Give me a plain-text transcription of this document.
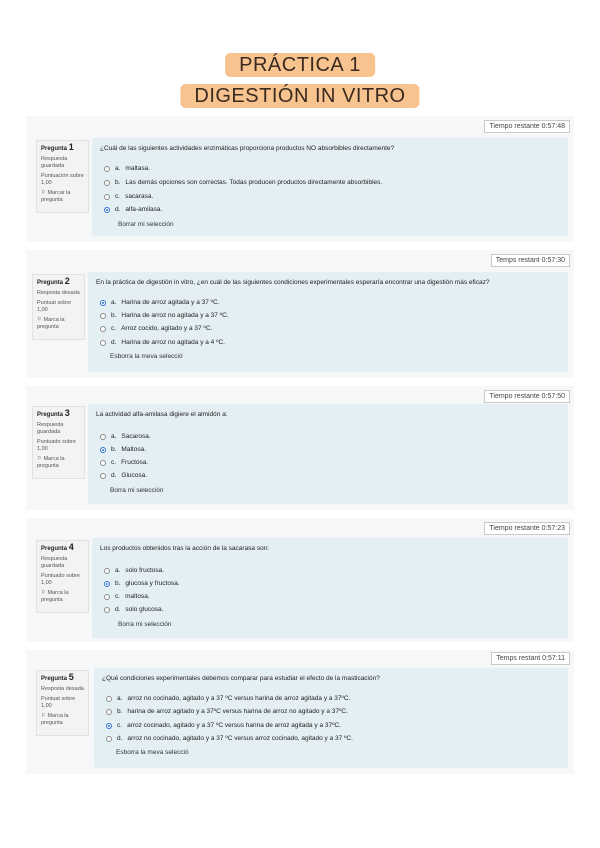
PRÁCTICA 1
DIGESTIÓN IN VITRO
Tiempo restante 0:57:48
Pregunta 1
Respuesta guardada
Puntuación sobre 1,00
⚐ Marcar la pregunta
¿Cuál de las siguientes actividades enzimáticas proporciona productos NO absorbibles directamente?
a. maltasa.
b. Las demás opciones son correctas. Todas producen productos directamente absorbibles.
c. sacarasa.
d. alfa-amilasa.
Borrar mi selección
Temps restant 0:57:30
Pregunta 2
Resposta desada
Puntuat sobre 1,00
⚐ Marca la pregunta
En la práctica de digestión in vitro, ¿en cuál de las siguientes condiciones experimentales esperaría encontrar una digestión más eficaz?
a. Harina de arroz agitada y a 37 ºC.
b. Harina de arroz no agitada y a 37 ºC.
c. Arroz cocido, agitado y a 37 ºC.
d. Harina de arroz no agitada y a 4 ºC.
Esborra la meva selecció
Tiempo restante 0:57:50
Pregunta 3
Respuesta guardada
Puntuado sobre 1,00
⚐ Marca la pregunta
La actividad alfa-amilasa digiere el almidón a:
a. Sacarosa.
b. Maltosa.
c. Fructosa.
d. Glucosa.
Borra mi selección
Tiempo restante 0:57:23
Pregunta 4
Respuesta guardada
Puntuado sobre 1,00
⚐ Marca la pregunta
Los productos obtenidos tras la acción de la sacarasa son:
a. solo fructosa.
b. glucosa y fructosa.
c. maltosa.
d. solo glucosa.
Borra mi selección
Temps restant 0:57:11
Pregunta 5
Resposta desada
Puntuat sobre 1,00
⚐ Marca la pregunta
¿Qué condiciones experimentales debemos comparar para estudiar el efecto de la masticación?
a. arroz no cocinado, agitado y a 37 ºC versus harina de arroz agitada y a 37ºC.
b. harina de arroz agitado y a 37ºC versus harina de arroz no agitado y a 37ºC.
c. arroz cocinado, agitado y a 37 ºC versus harina de arroz agitada y a 37ºC.
d. arroz no cocinado, agitado y a 37 ºC versus arroz cocinado, agitado y a 37 ºC.
Esborra la meva selecció
